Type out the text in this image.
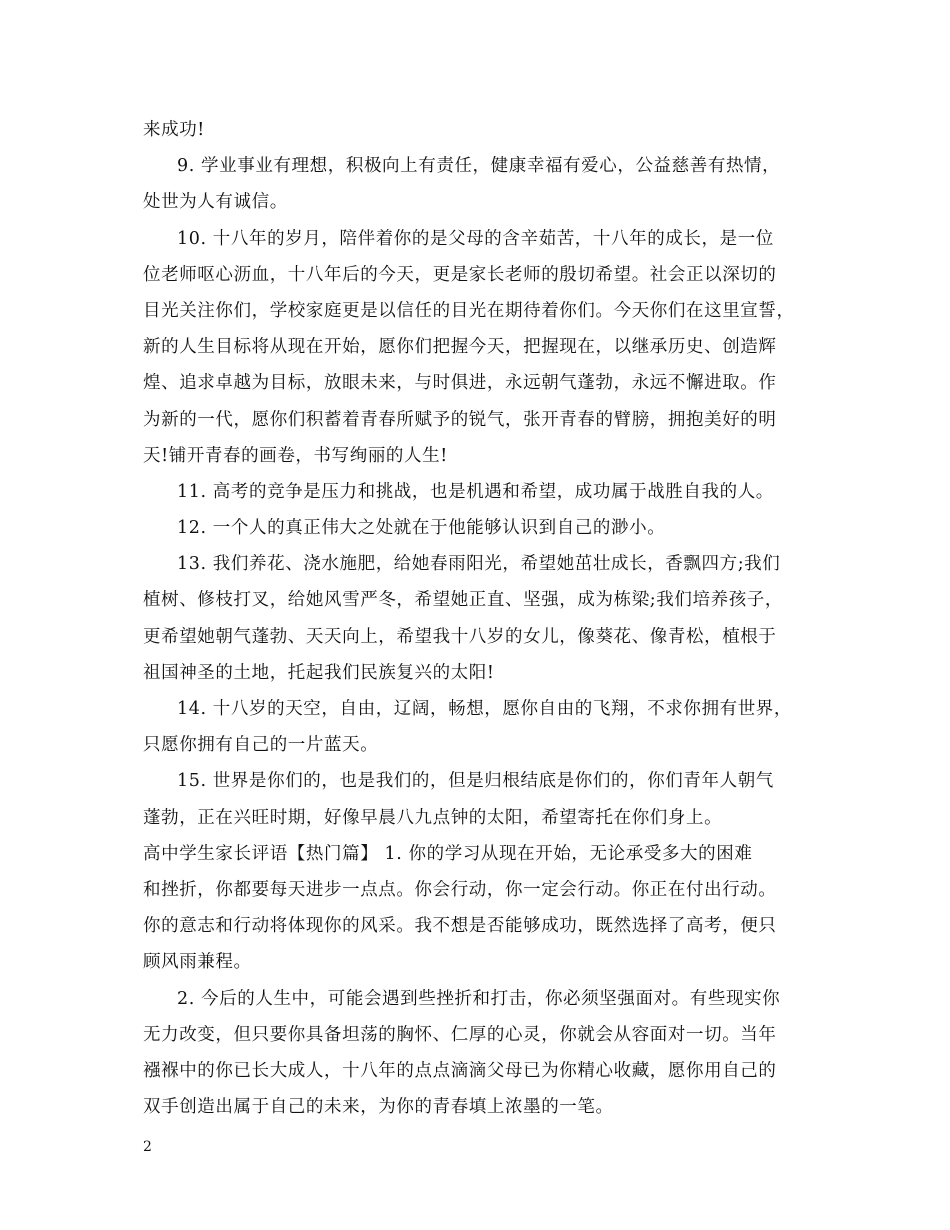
来成功!
9. 学业事业有理想，积极向上有责任，健康幸福有爱心，公益慈善有热情，
处世为人有诚信。
10. 十八年的岁月，陪伴着你的是父母的含辛茹苦，十八年的成长，是一位
位老师呕心沥血，十八年后的今天，更是家长老师的殷切希望。社会正以深切的
目光关注你们，学校家庭更是以信任的目光在期待着你们。今天你们在这里宣誓，
新的人生目标将从现在开始，愿你们把握今天，把握现在，以继承历史、创造辉
煌、追求卓越为目标，放眼未来，与时俱进，永远朝气蓬勃，永远不懈进取。作
为新的一代，愿你们积蓄着青春所赋予的锐气，张开青春的臂膀，拥抱美好的明
天!铺开青春的画卷，书写绚丽的人生!
11. 高考的竞争是压力和挑战，也是机遇和希望，成功属于战胜自我的人。
12. 一个人的真正伟大之处就在于他能够认识到自己的渺小。
13. 我们养花、浇水施肥，给她春雨阳光，希望她茁壮成长，香飘四方;我们
植树、修枝打叉，给她风雪严冬，希望她正直、坚强，成为栋梁;我们培养孩子，
更希望她朝气蓬勃、天天向上，希望我十八岁的女儿，像葵花、像青松，植根于
祖国神圣的土地，托起我们民族复兴的太阳!
14. 十八岁的天空，自由，辽阔，畅想，愿你自由的飞翔，不求你拥有世界，
只愿你拥有自己的一片蓝天。
15. 世界是你们的，也是我们的，但是归根结底是你们的，你们青年人朝气
蓬勃，正在兴旺时期，好像早晨八九点钟的太阳，希望寄托在你们身上。
高中学生家长评语【热门篇】 1. 你的学习从现在开始，无论承受多大的困难
和挫折，你都要每天进步一点点。你会行动，你一定会行动。你正在付出行动。
你的意志和行动将体现你的风采。我不想是否能够成功，既然选择了高考，便只
顾风雨兼程。
2. 今后的人生中，可能会遇到些挫折和打击，你必须坚强面对。有些现实你
无力改变，但只要你具备坦荡的胸怀、仁厚的心灵，你就会从容面对一切。当年
襁褓中的你已长大成人，十八年的点点滴滴父母已为你精心收藏，愿你用自己的
双手创造出属于自己的未来，为你的青春填上浓墨的一笔。
2
